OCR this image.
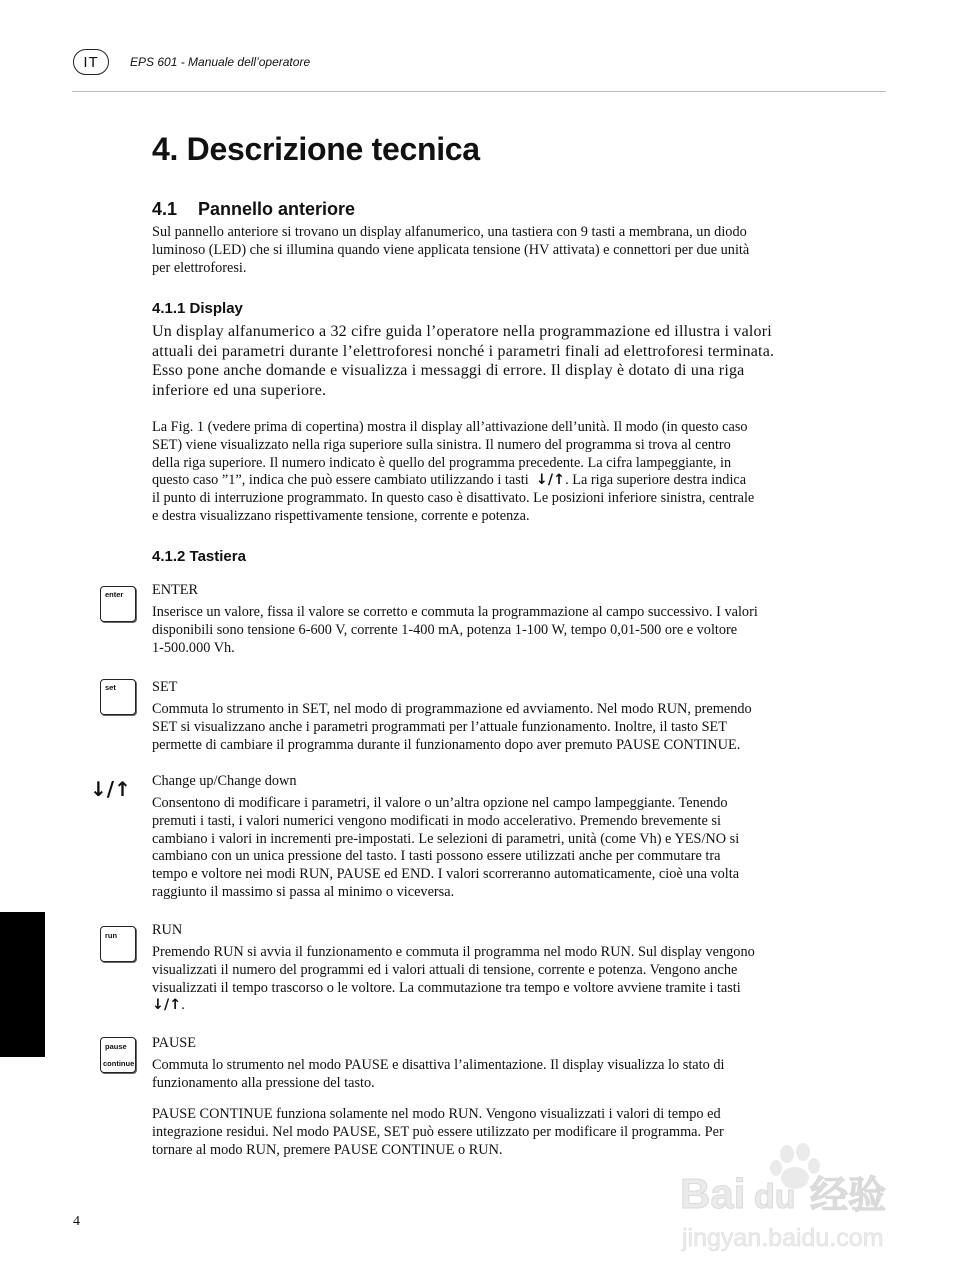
IT	EPS 601 - Manuale dell’operatore
4. Descrizione tecnica
4.1 Pannello anteriore

Sul pannello anteriore si trovano un display alfanumerico, una tastiera con 9 tasti a membrana, un diodo
luminoso (LED) che si illumina quando viene applicata tensione (HV attivata) e connettori per due unità
per elettroforesi.

4.1.1 Display

Un display alfanumerico a 32 cifre guida l’operatore nella programmazione ed illustra i valori
attuali dei parametri durante l’elettroforesi nonché i parametri finali ad elettroforesi terminata.
Esso pone anche domande e visualizza i messaggi di errore. Il display è dotato di una riga
inferiore ed una superiore.

La Fig. 1 (vedere prima di copertina) mostra il display all’attivazione dell’unità. Il modo (in questo caso
SET) viene visualizzato nella riga superiore sulla sinistra. Il numero del programma si trova al centro
della riga superiore. Il numero indicato è quello del programma precedente. La cifra lampeggiante, in
questo caso ”1”, indica che può essere cambiato utilizzando i tasti ↓/↑. La riga superiore destra indica
il punto di interruzione programmato. In questo caso è disattivato. Le posizioni inferiore sinistra, centrale
e destra visualizzano rispettivamente tensione, corrente e potenza.

4.1.2 Tastiera
enter ENTER

Inserisce un valore, fissa il valore se corretto e commuta la programmazione al campo successivo. I valori
disponibili sono tensione 6-600 V, corrente 1-400 mA, potenza 1-100 W, tempo 0,01-500 ore e voltore
1-500.000 Vh.

set	SET

Commuta lo strumento in SET, nel modo di programmazione ed avviamento. Nel modo RUN, premendo
SET si visualizzano anche i parametri programmati per l’attuale funzionamento. Inoltre, il tasto SET
permette di cambiare il programma durante il funzionamento dopo aver premuto PAUSE CONTINUE.

↓/↑ Change up/Change down

Consentono di modificare i parametri, il valore o un’altra opzione nel campo lampeggiante. Tenendo
premuti i tasti, i valori numerici vengono modificati in modo accelerativo. Premendo brevemente si
cambiano i valori in incrementi pre-impostati. Le selezioni di parametri, unità (come Vh) e YES/NO si
cambiano con un unica pressione del tasto. I tasti possono essere utilizzati anche per commutare tra
tempo e voltore nei modi RUN, PAUSE ed END. I valori scorreranno automaticamente, cioè una volta
raggiunto il massimo si passa al minimo o viceversa.

run RUN

Premendo RUN si avvia il funzionamento e commuta il programma nel modo RUN. Sul display vengono
visualizzati il numero del programmi ed i valori attuali di tensione, corrente e potenza. Vengono anche
visualizzati il tempo trascorso o le voltore. La commutazione tra tempo e voltore avviene tramite i tasti
↓/↑.

pause
continue
PAUSE

Commuta lo strumento nel modo PAUSE e disattiva l’alimentazione. Il display visualizza lo stato di
funzionamento alla pressione del tasto.

PAUSE CONTINUE funziona solamente nel modo RUN. Vengono visualizzati i valori di tempo ed
integrazione residui. Nel modo PAUSE, SET può essere utilizzato per modificare il programma. Per
tornare al modo RUN, premere PAUSE CONTINUE o RUN.

4
Bai du 经验
jingyan.baidu.com
